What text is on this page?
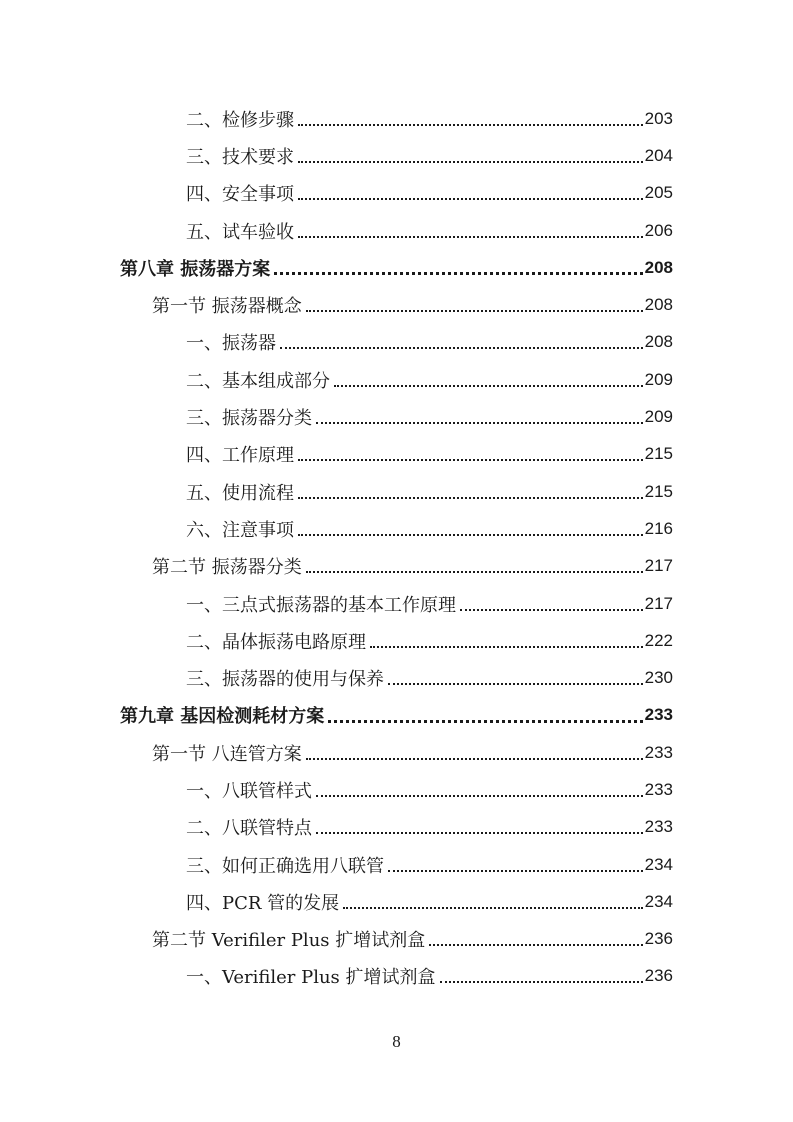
二、检修步骤	203
三、技术要求	204
四、安全事项	205
五、试车验收	206
第八章 振荡器方案	208
第一节 振荡器概念	208
一、振荡器	208
二、基本组成部分	209
三、振荡器分类	209
四、工作原理	215
五、使用流程	215
六、注意事项	216
第二节 振荡器分类	217
一、三点式振荡器的基本工作原理	217
二、晶体振荡电路原理	222
三、振荡器的使用与保养	230
第九章 基因检测耗材方案	233
第一节 八连管方案	233
一、八联管样式	233
二、八联管特点	233
三、如何正确选用八联管	234
四、PCR 管的发展	234
第二节 Verifiler Plus 扩增试剂盒	236
一、Verifiler Plus 扩增试剂盒	236
8
